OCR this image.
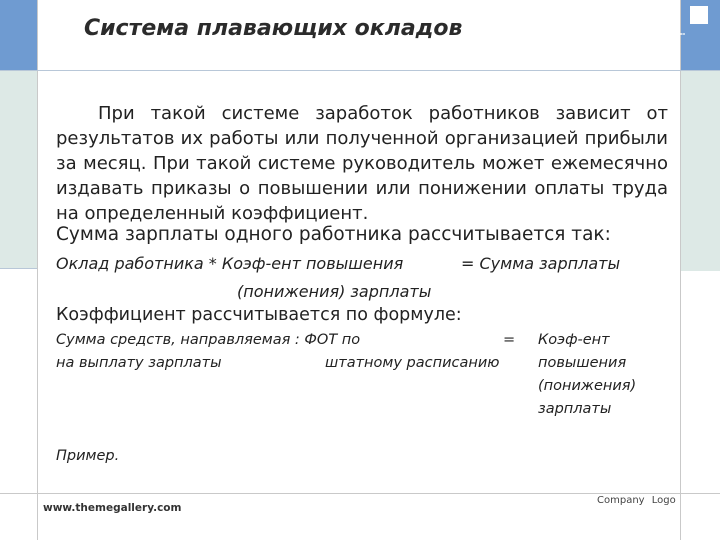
Система плавающих окладов
При такой системе заработок работников зависит от результатов их работы или полученной организацией прибыли за месяц. При такой системе руководитель может ежемесячно издавать приказы о повышении или понижении оплаты труда на определенный коэффициент.
Сумма зарплаты одного работника рассчитывается так:
Оклад работника * Коэф-ент повышения	= Сумма зарплаты
(понижения) зарплаты
Коэффициент рассчитывается по формуле:
Сумма средств, направляемая : ФОТ по
на выплату зарплаты	штатному расписанию
= Коэф-ент
повышения
(понижения)
зарплаты
Пример.
www.themegallery.com
Company Logo
